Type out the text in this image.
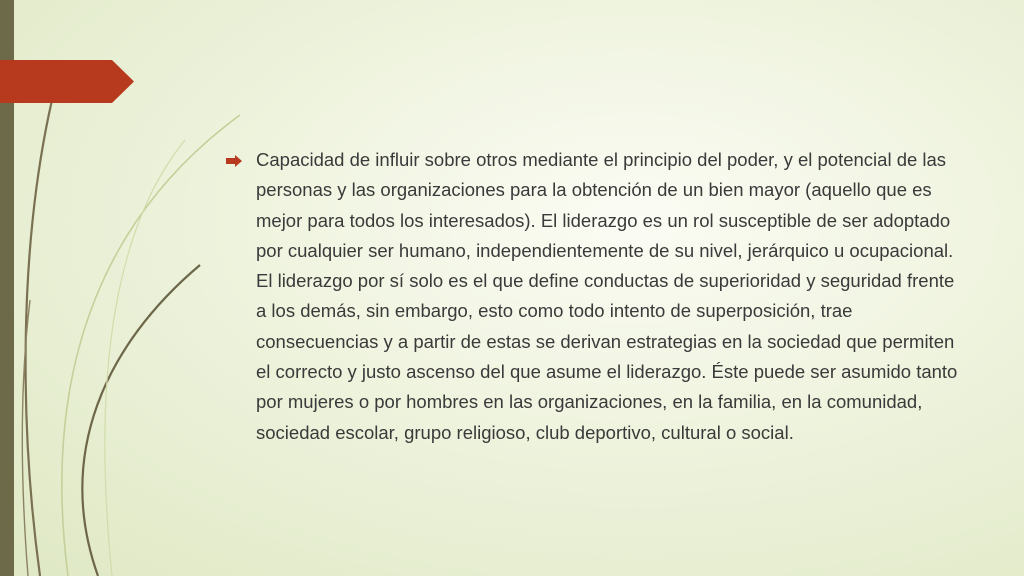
Capacidad de influir sobre otros mediante el principio del poder, y el potencial de las personas y las organizaciones para la obtención de un bien mayor (aquello que es mejor para todos los interesados). El liderazgo es un rol susceptible de ser adoptado por cualquier ser humano, independientemente de su nivel, jerárquico u ocupacional. El liderazgo por sí solo es el que define conductas de superioridad y seguridad frente a los demás, sin embargo, esto como todo intento de superposición, trae consecuencias y a partir de estas se derivan estrategias en la sociedad que permiten el correcto y justo ascenso del que asume el liderazgo. Éste puede ser asumido tanto por mujeres o por hombres en las organizaciones, en la familia, en la comunidad, sociedad escolar, grupo religioso, club deportivo, cultural o social.
